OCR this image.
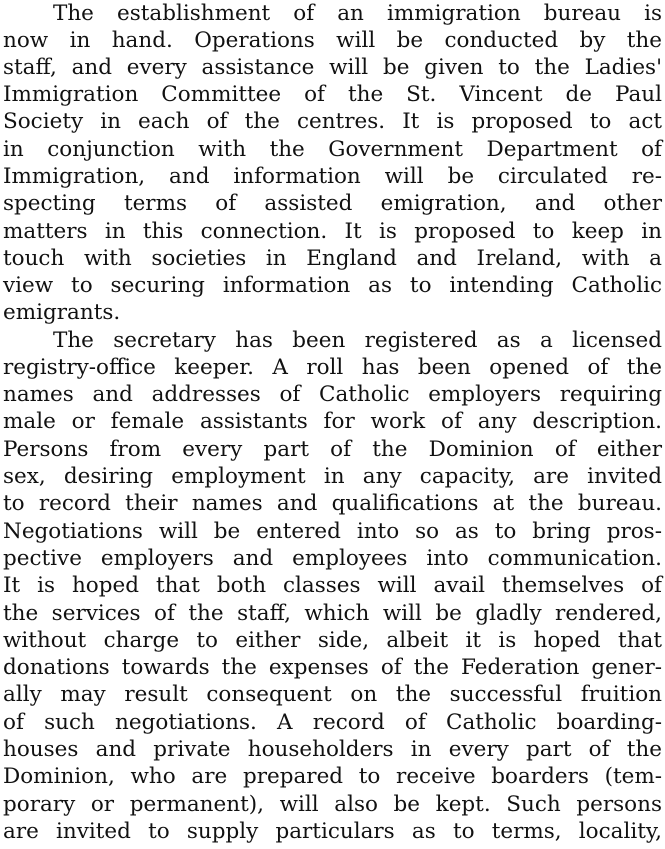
The establishment of an immigration bureau is
now in hand. Operations will be conducted by the
staff, and every assistance will be given to the Ladies'
Immigration Committee of the St. Vincent de Paul
Society in each of the centres. It is proposed to act
in conjunction with the Government Department of
Immigration, and information will be circulated re-
specting terms of assisted emigration, and other
matters in this connection. It is proposed to keep in
touch with societies in England and Ireland, with a
view to securing information as to intending Catholic
emigrants.
The secretary has been registered as a licensed
registry-office keeper. A roll has been opened of the
names and addresses of Catholic employers requiring
male or female assistants for work of any description.
Persons from every part of the Dominion of either
sex, desiring employment in any capacity, are invited
to record their names and qualifications at the bureau.
Negotiations will be entered into so as to bring pros-
pective employers and employees into communication.
It is hoped that both classes will avail themselves of
the services of the staff, which will be gladly rendered,
without charge to either side, albeit it is hoped that
donations towards the expenses of the Federation gener-
ally may result consequent on the successful fruition
of such negotiations. A record of Catholic boarding-
houses and private householders in every part of the
Dominion, who are prepared to receive boarders (tem-
porary or permanent), will also be kept. Such persons
are invited to supply particulars as to terms, locality,
